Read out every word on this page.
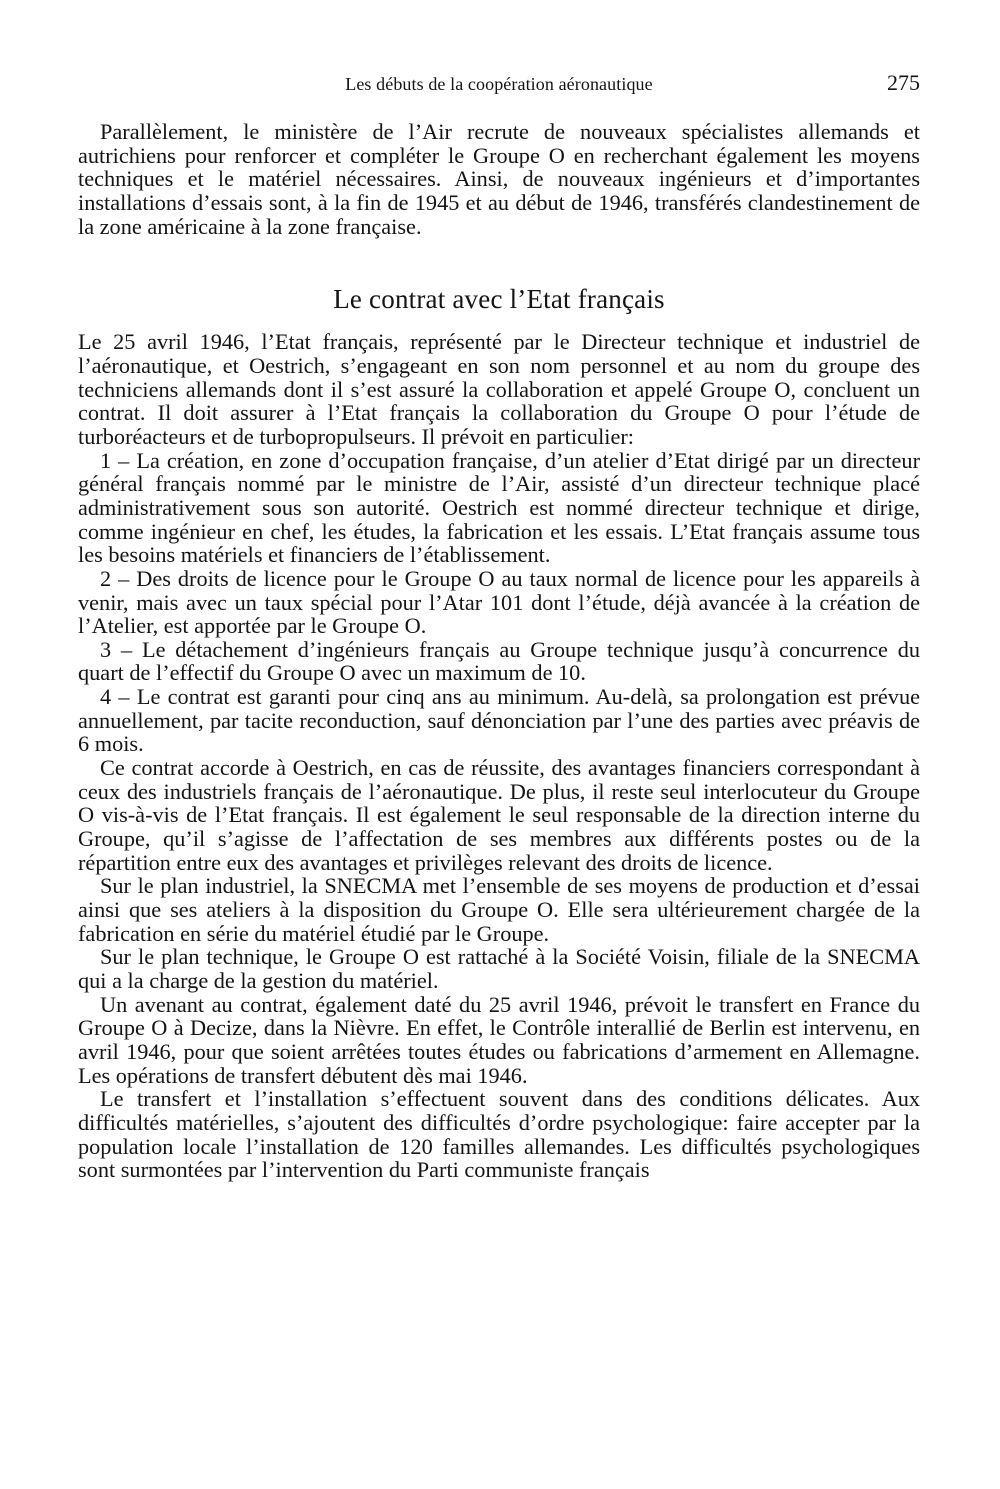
Les débuts de la coopération aéronautique	275

Parallèlement, le ministère de l’Air recrute de nouveaux spécialistes allemands et autrichiens pour renforcer et compléter le Groupe O en recherchant également les moyens techniques et le matériel nécessaires. Ainsi, de nouveaux ingénieurs et d’importantes installations d’essais sont, à la fin de 1945 et au début de 1946, transférés clandestinement de la zone américaine à la zone française.

Le contrat avec l’Etat français

Le 25 avril 1946, l’Etat français, représenté par le Directeur technique et industriel de l’aéronautique, et Oestrich, s’engageant en son nom personnel et au nom du groupe des techniciens allemands dont il s’est assuré la collaboration et appelé Groupe O, concluent un contrat. Il doit assurer à l’Etat français la collaboration du Groupe O pour l’étude de turboréacteurs et de turbopropulseurs. Il prévoit en particulier:

1 – La création, en zone d’occupation française, d’un atelier d’Etat dirigé par un directeur général français nommé par le ministre de l’Air, assisté d’un directeur technique placé administrativement sous son autorité. Oestrich est nommé directeur technique et dirige, comme ingénieur en chef, les études, la fabrication et les essais. L’Etat français assume tous les besoins matériels et financiers de l’établissement.

2 – Des droits de licence pour le Groupe O au taux normal de licence pour les appareils à venir, mais avec un taux spécial pour l’Atar 101 dont l’étude, déjà avancée à la création de l’Atelier, est apportée par le Groupe O.

3 – Le détachement d’ingénieurs français au Groupe technique jusqu’à concurrence du quart de l’effectif du Groupe O avec un maximum de 10.

4 – Le contrat est garanti pour cinq ans au minimum. Au-delà, sa prolongation est prévue annuellement, par tacite reconduction, sauf dénonciation par l’une des parties avec préavis de 6 mois.

Ce contrat accorde à Oestrich, en cas de réussite, des avantages financiers correspondant à ceux des industriels français de l’aéronautique. De plus, il reste seul interlocuteur du Groupe O vis-à-vis de l’Etat français. Il est également le seul responsable de la direction interne du Groupe, qu’il s’agisse de l’affectation de ses membres aux différents postes ou de la répartition entre eux des avantages et privilèges relevant des droits de licence.

Sur le plan industriel, la SNECMA met l’ensemble de ses moyens de production et d’essai ainsi que ses ateliers à la disposition du Groupe O. Elle sera ultérieurement chargée de la fabrication en série du matériel étudié par le Groupe.

Sur le plan technique, le Groupe O est rattaché à la Société Voisin, filiale de la SNECMA qui a la charge de la gestion du matériel.

Un avenant au contrat, également daté du 25 avril 1946, prévoit le transfert en France du Groupe O à Decize, dans la Nièvre. En effet, le Contrôle interallié de Berlin est intervenu, en avril 1946, pour que soient arrêtées toutes études ou fabrications d’armement en Allemagne. Les opérations de transfert débutent dès mai 1946.

Le transfert et l’installation s’effectuent souvent dans des conditions délicates. Aux difficultés matérielles, s’ajoutent des difficultés d’ordre psychologique: faire accepter par la population locale l’installation de 120 familles allemandes. Les difficultés psychologiques sont surmontées par l’intervention du Parti communiste français
